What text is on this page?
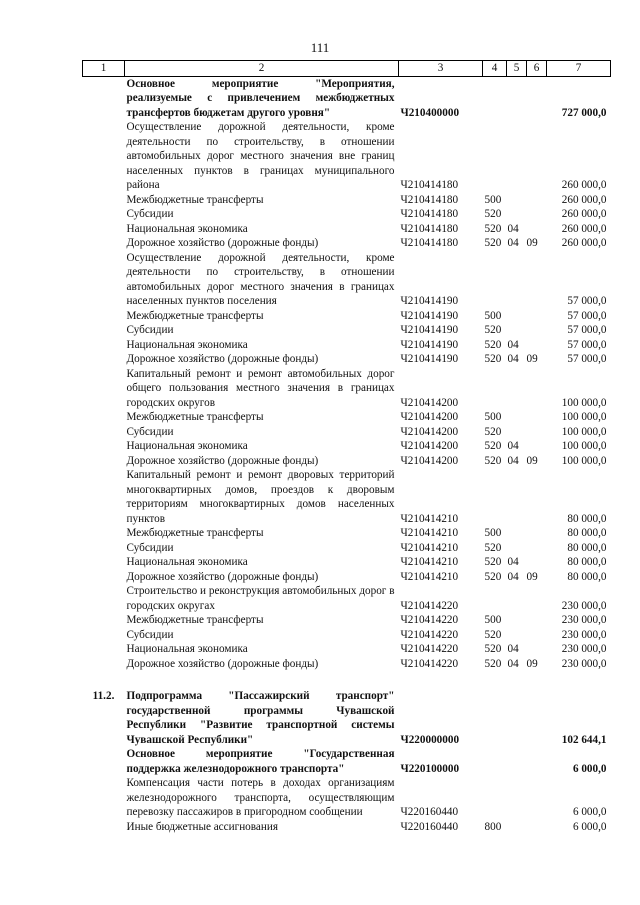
111
1	2	3	4	5	6	7
	Основное мероприятие "Мероприятия, реализуемые с привлечением межбюджетных трансфертов бюджетам другого уровня"	Ч210400000				727 000,0
	Осуществление дорожной деятельности, кроме деятельности по строительству, в отношении автомобильных дорог местного значения вне границ населенных пунктов в границах муниципального района	Ч210414180				260 000,0
	Межбюджетные трансферты	Ч210414180	500			260 000,0
	Субсидии	Ч210414180	520			260 000,0
	Национальная экономика	Ч210414180	520	04		260 000,0
	Дорожное хозяйство (дорожные фонды)	Ч210414180	520	04	09	260 000,0
	Осуществление дорожной деятельности, кроме деятельности по строительству, в отношении автомобильных дорог местного значения в границах населенных пунктов поселения	Ч210414190				57 000,0
	Межбюджетные трансферты	Ч210414190	500			57 000,0
	Субсидии	Ч210414190	520			57 000,0
	Национальная экономика	Ч210414190	520	04		57 000,0
	Дорожное хозяйство (дорожные фонды)	Ч210414190	520	04	09	57 000,0
	Капитальный ремонт и ремонт автомобильных дорог общего пользования местного значения в границах городских округов	Ч210414200				100 000,0
	Межбюджетные трансферты	Ч210414200	500			100 000,0
	Субсидии	Ч210414200	520			100 000,0
	Национальная экономика	Ч210414200	520	04		100 000,0
	Дорожное хозяйство (дорожные фонды)	Ч210414200	520	04	09	100 000,0
	Капитальный ремонт и ремонт дворовых территорий многоквартирных домов, проездов к дворовым территориям многоквартирных домов населенных пунктов	Ч210414210				80 000,0
	Межбюджетные трансферты	Ч210414210	500			80 000,0
	Субсидии	Ч210414210	520			80 000,0
	Национальная экономика	Ч210414210	520	04		80 000,0
	Дорожное хозяйство (дорожные фонды)	Ч210414210	520	04	09	80 000,0
	Строительство и реконструкция автомобильных дорог в городских округах	Ч210414220				230 000,0
	Межбюджетные трансферты	Ч210414220	500			230 000,0
	Субсидии	Ч210414220	520			230 000,0
	Национальная экономика	Ч210414220	520	04		230 000,0
	Дорожное хозяйство (дорожные фонды)	Ч210414220	520	04	09	230 000,0

11.2.	Подпрограмма "Пассажирский транспорт" государственной программы Чувашской Республики "Развитие транспортной системы Чувашской Республики"	Ч220000000				102 644,1
	Основное мероприятие "Государственная поддержка железнодорожного транспорта"	Ч220100000				6 000,0
	Компенсация части потерь в доходах организациям железнодорожного транспорта, осуществляющим перевозку пассажиров в пригородном сообщении	Ч220160440				6 000,0
	Иные бюджетные ассигнования	Ч220160440	800			6 000,0
